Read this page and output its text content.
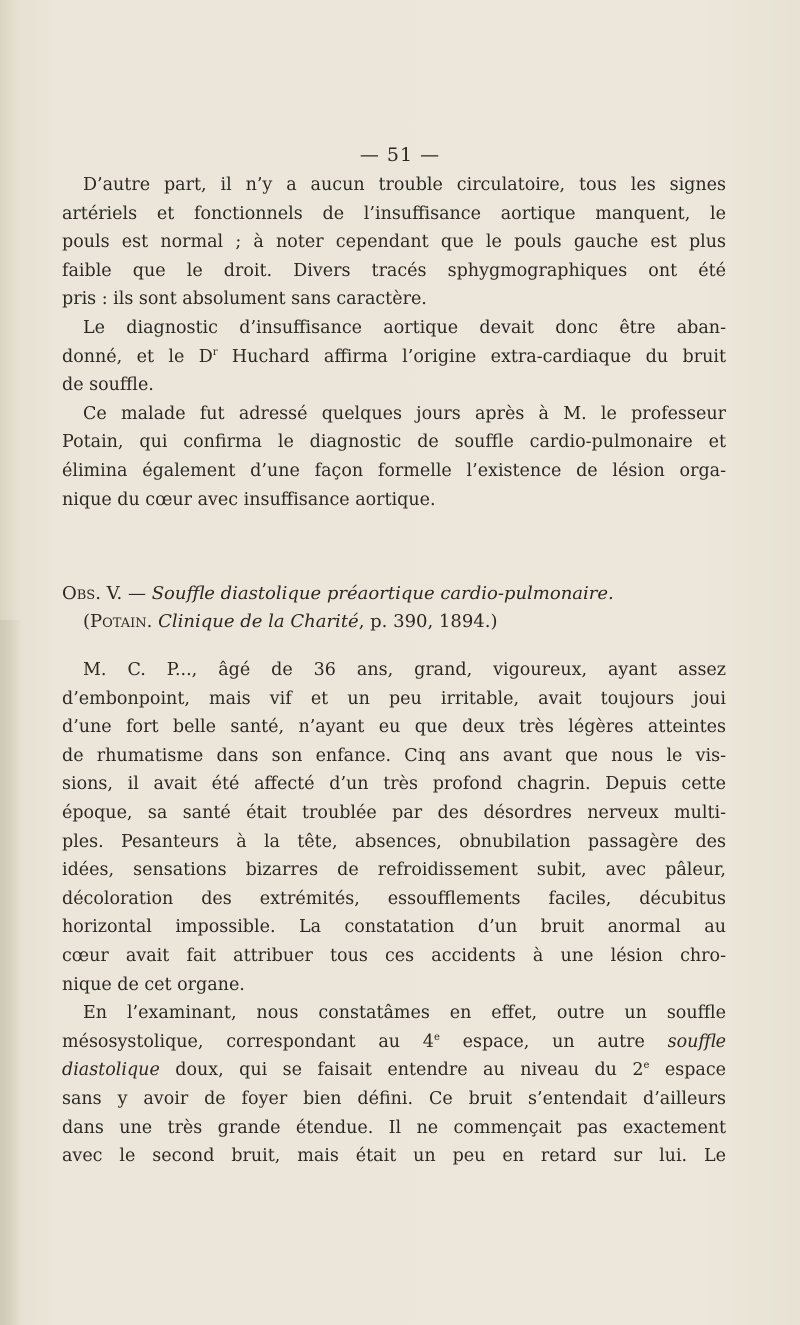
— 51 —
D’autre part, il n’y a aucun trouble circulatoire, tous les signes
artériels et fonctionnels de l’insuffisance aortique manquent, le
pouls est normal ; à noter cependant que le pouls gauche est plus
faible que le droit. Divers tracés sphygmographiques ont été
pris : ils sont absolument sans caractère.
Le diagnostic d’insuffisance aortique devait donc être aban-
donné, et le $D^r$ Huchard affirma l’origine extra-cardiaque du bruit
de souffle.
Ce malade fut adressé quelques jours après à M. le professeur
Potain, qui confirma le diagnostic de souffle cardio-pulmonaire et
élimina également d’une façon formelle l’existence de lésion orga-
nique du cœur avec insuffisance aortique.
Obs. V. — Souffle diastolique préaortique cardio-pulmonaire.
(Potain. Clinique de la Charité, p. 390, 1894.)
M. C. P..., âgé de 36 ans, grand, vigoureux, ayant assez
d’embonpoint, mais vif et un peu irritable, avait toujours joui
d’une fort belle santé, n’ayant eu que deux très légères atteintes
de rhumatisme dans son enfance. Cinq ans avant que nous le vis-
sions, il avait été affecté d’un très profond chagrin. Depuis cette
époque, sa santé était troublée par des désordres nerveux multi-
ples. Pesanteurs à la tête, absences, obnubilation passagère des
idées, sensations bizarres de refroidissement subit, avec pâleur,
décoloration des extrémités, essoufflements faciles, décubitus
horizontal impossible. La constatation d’un bruit anormal au
cœur avait fait attribuer tous ces accidents à une lésion chro-
nique de cet organe.
En l’examinant, nous constatâmes en effet, outre un souffle
mésosystolique, correspondant au 4e espace, un autre souffle
diastolique doux, qui se faisait entendre au niveau du 2e espace
sans y avoir de foyer bien défini. Ce bruit s’entendait d’ailleurs
dans une très grande étendue. Il ne commençait pas exactement
avec le second bruit, mais était un peu en retard sur lui. Le
